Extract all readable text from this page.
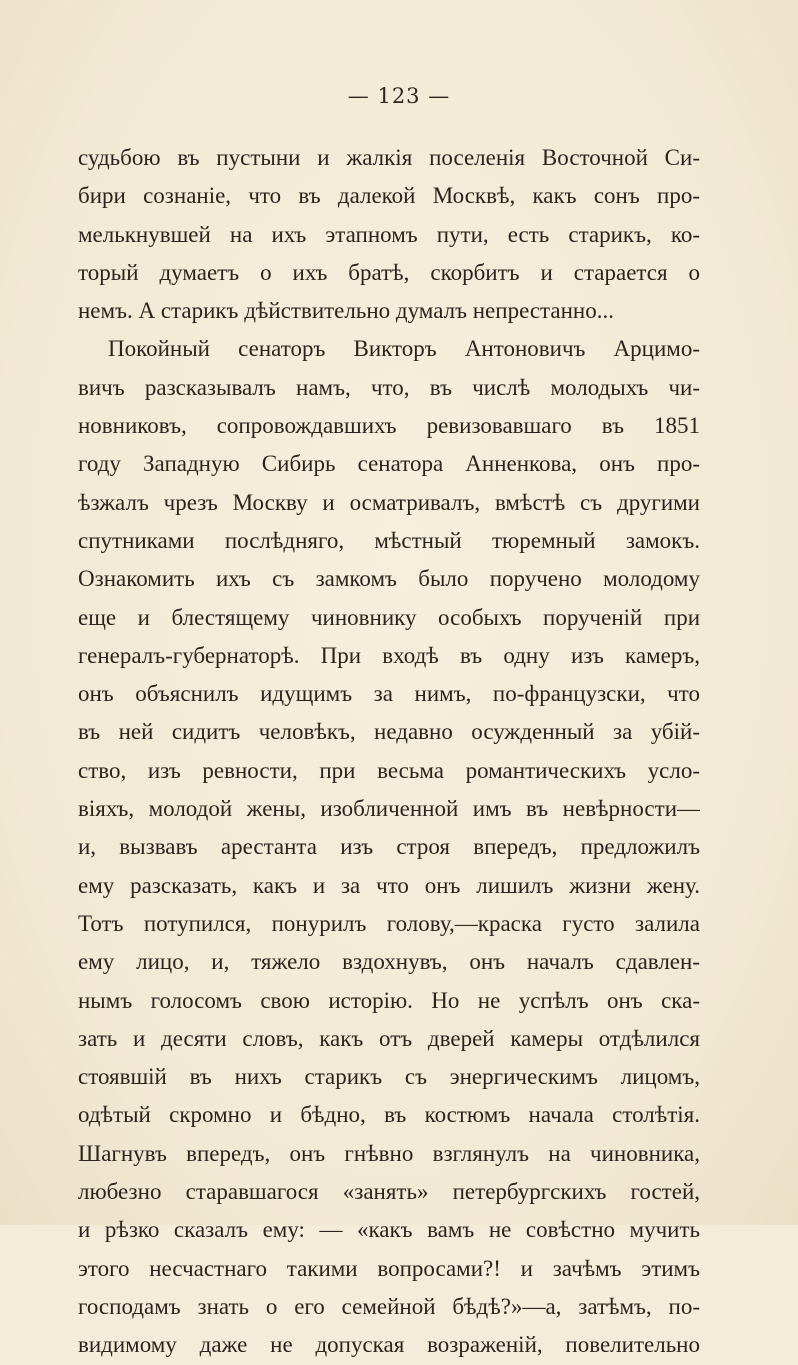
— 123 —
судьбою въ пустыни и жалкія поселенія Восточной Си-
бири сознаніе, что въ далекой Москвѣ, какъ сонъ про-
мелькнувшей на ихъ этапномъ пути, есть старикъ, ко-
торый думаетъ о ихъ братѣ, скорбитъ и старается о
немъ. А старикъ дѣйствительно думалъ непрестанно...
Покойный сенаторъ Викторъ Антоновичъ Арцимо-
вичъ разсказывалъ намъ, что, въ числѣ молодыхъ чи-
новниковъ, сопровождавшихъ ревизовавшаго въ 1851
году Западную Сибирь сенатора Анненкова, онъ про-
ѣзжалъ чрезъ Москву и осматривалъ, вмѣстѣ съ другими
спутниками послѣдняго, мѣстный тюремный замокъ.
Ознакомить ихъ съ замкомъ было поручено молодому
еще и блестящему чиновнику особыхъ порученій при
генералъ-губернаторѣ. При входѣ въ одну изъ камеръ,
онъ объяснилъ идущимъ за нимъ, по-французски, что
въ ней сидитъ человѣкъ, недавно осужденный за убій-
ство, изъ ревности, при весьма романтическихъ усло-
віяхъ, молодой жены, изобличенной имъ въ невѣрности—
и, вызвавъ арестанта изъ строя впередъ, предложилъ
ему разсказать, какъ и за что онъ лишилъ жизни жену.
Тотъ потупился, понурилъ голову,—краска густо залила
ему лицо, и, тяжело вздохнувъ, онъ началъ сдавлен-
нымъ голосомъ свою исторію. Но не успѣлъ онъ ска-
зать и десяти словъ, какъ отъ дверей камеры отдѣлился
стоявшій въ нихъ старикъ съ энергическимъ лицомъ,
одѣтый скромно и бѣдно, въ костюмъ начала столѣтія.
Шагнувъ впередъ, онъ гнѣвно взглянулъ на чиновника,
любезно старавшагося «занять» петербургскихъ гостей,
и рѣзко сказалъ ему: — «какъ вамъ не совѣстно мучить
этого несчастнаго такими вопросами?! и зачѣмъ этимъ
господамъ знать о его семейной бѣдѣ?»—а, затѣмъ, по-
видимому даже не допуская возраженій, повелительно
